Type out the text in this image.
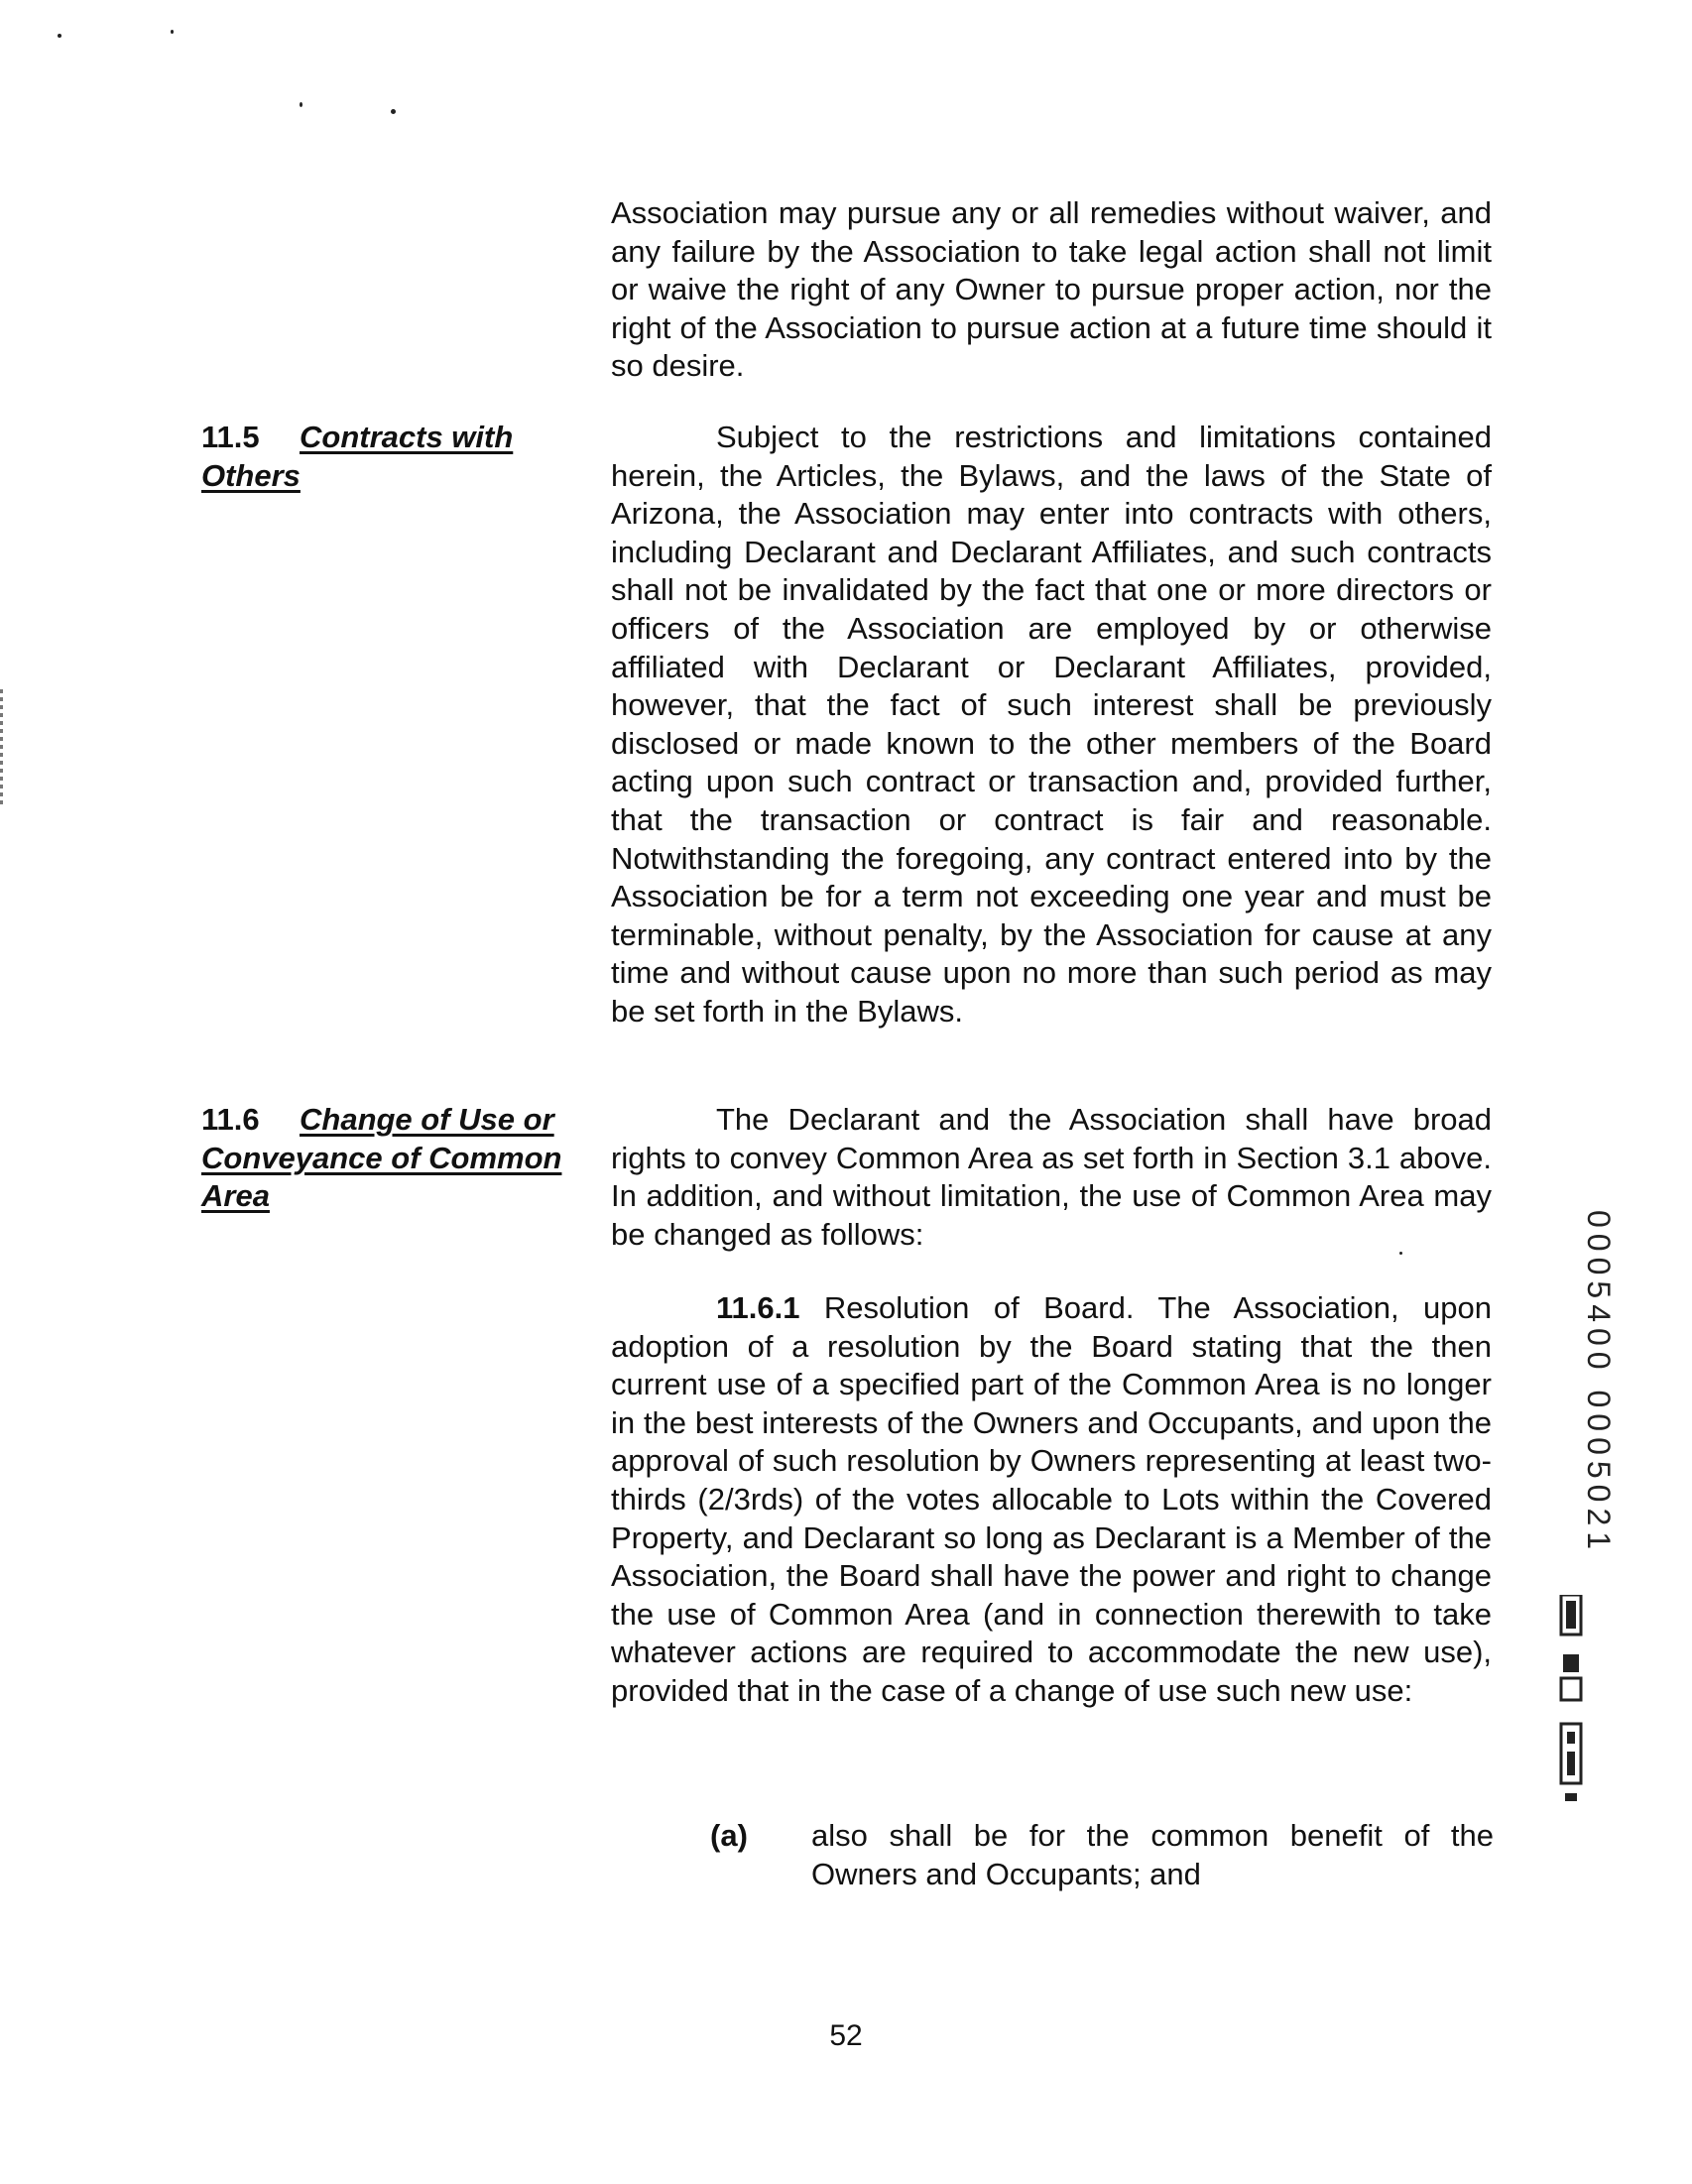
Association may pursue any or all remedies without waiver, and any failure by the Association to take legal action shall not limit or waive the right of any Owner to pursue proper action, nor the right of the Association to pursue action at a future time should it so desire.

11.5 Contracts with Others

Subject to the restrictions and limitations contained herein, the Articles, the Bylaws, and the laws of the State of Arizona, the Association may enter into contracts with others, including Declarant and Declarant Affiliates, and such contracts shall not be invalidated by the fact that one or more directors or officers of the Association are employed by or otherwise affiliated with Declarant or Declarant Affiliates, provided, however, that the fact of such interest shall be previously disclosed or made known to the other members of the Board acting upon such contract or transaction and, provided further, that the transaction or contract is fair and reasonable. Notwithstanding the foregoing, any contract entered into by the Association be for a term not exceeding one year and must be terminable, without penalty, by the Association for cause at any time and without cause upon no more than such period as may be set forth in the Bylaws.

11.6 Change of Use or Conveyance of Common Area

The Declarant and the Association shall have broad rights to convey Common Area as set forth in Section 3.1 above. In addition, and without limitation, the use of Common Area may be changed as follows:

11.6.1 Resolution of Board. The Association, upon adoption of a resolution by the Board stating that the then current use of a specified part of the Common Area is no longer in the best interests of the Owners and Occupants, and upon the approval of such resolution by Owners representing at least two-thirds (2/3rds) of the votes allocable to Lots within the Covered Property, and Declarant so long as Declarant is a Member of the Association, the Board shall have the power and right to change the use of Common Area (and in connection therewith to take whatever actions are required to accommodate the new use), provided that in the case of a change of use such new use:

(a) also shall be for the common benefit of the Owners and Occupants; and
52
0005400 0005021
